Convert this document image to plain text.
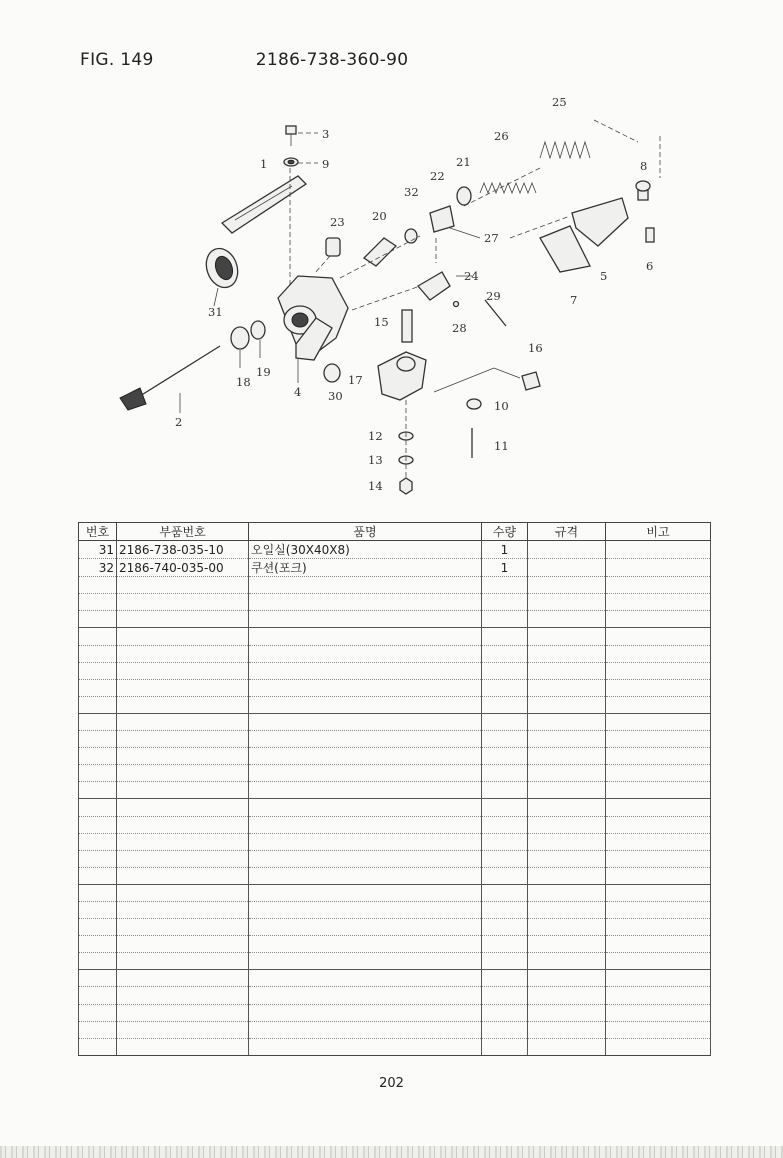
FIG. 149	2186-738-360-90
1
2
3
4
5
6
7
8
9
10
11
12
13
14
15
16
17
18
19
20
21
22
23
24
25
26
27
28
29
30
31
32
번호	부품번호	품명	수량	규격	비고
31	2186-738-035-10	오일실(30X40X8)	1		
32	2186-740-035-00	쿠션(포크)	1		

202
